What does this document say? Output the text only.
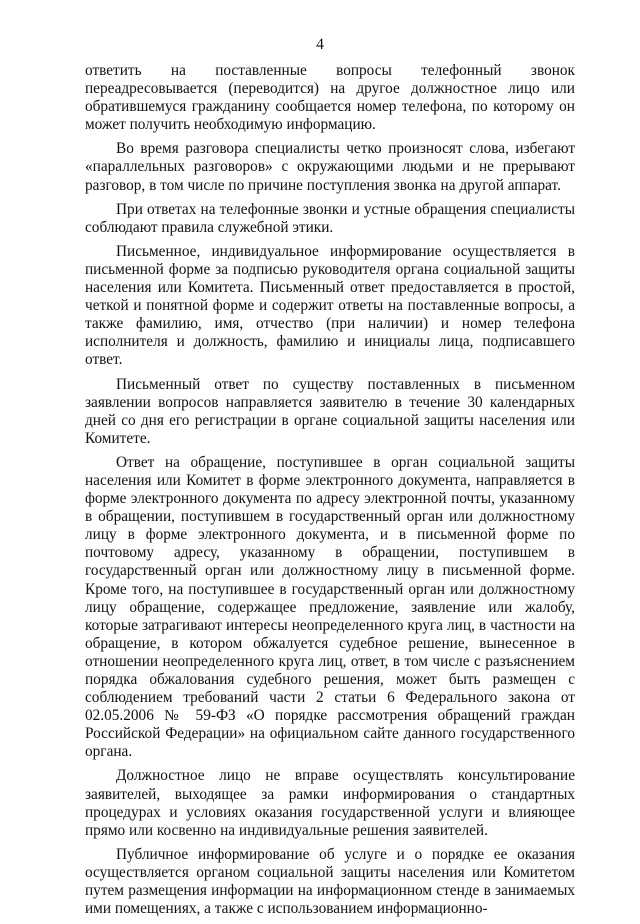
4

ответить на поставленные вопросы телефонный звонок переадресовывается (переводится) на другое должностное лицо или обратившемуся гражданину сообщается номер телефона, по которому он может получить необходимую информацию.

Во время разговора специалисты четко произносят слова, избегают «параллельных разговоров» с окружающими людьми и не прерывают разговор, в том числе по причине поступления звонка на другой аппарат.

При ответах на телефонные звонки и устные обращения специалисты соблюдают правила служебной этики.

Письменное, индивидуальное информирование осуществляется в письменной форме за подписью руководителя органа социальной защиты населения или Комитета. Письменный ответ предоставляется в простой, четкой и понятной форме и содержит ответы на поставленные вопросы, а также фамилию, имя, отчество (при наличии) и номер телефона исполнителя и должность, фамилию и инициалы лица, подписавшего ответ.

Письменный ответ по существу поставленных в письменном заявлении вопросов направляется заявителю в течение 30 календарных дней со дня его регистрации в органе социальной защиты населения или Комитете.

Ответ на обращение, поступившее в орган социальной защиты населения или Комитет в форме электронного документа, направляется в форме электронного документа по адресу электронной почты, указанному в обращении, поступившем в государственный орган или должностному лицу в форме электронного документа, и в письменной форме по почтовому адресу, указанному в обращении, поступившем в государственный орган или должностному лицу в письменной форме. Кроме того, на поступившее в государственный орган или должностному лицу обращение, содержащее предложение, заявление или жалобу, которые затрагивают интересы неопределенного круга лиц, в частности на обращение, в котором обжалуется судебное решение, вынесенное в отношении неопределенного круга лиц, ответ, в том числе с разъяснением порядка обжалования судебного решения, может быть размещен с соблюдением требований части 2 статьи 6 Федерального закона от 02.05.2006 № 59-ФЗ «О порядке рассмотрения обращений граждан Российской Федерации» на официальном сайте данного государственного органа.

Должностное лицо не вправе осуществлять консультирование заявителей, выходящее за рамки информирования о стандартных процедурах и условиях оказания государственной услуги и влияющее прямо или косвенно на индивидуальные решения заявителей.

Публичное информирование об услуге и о порядке ее оказания осуществляется органом социальной защиты населения или Комитетом путем размещения информации на информационном стенде в занимаемых ими помещениях, а также с использованием информационно-
